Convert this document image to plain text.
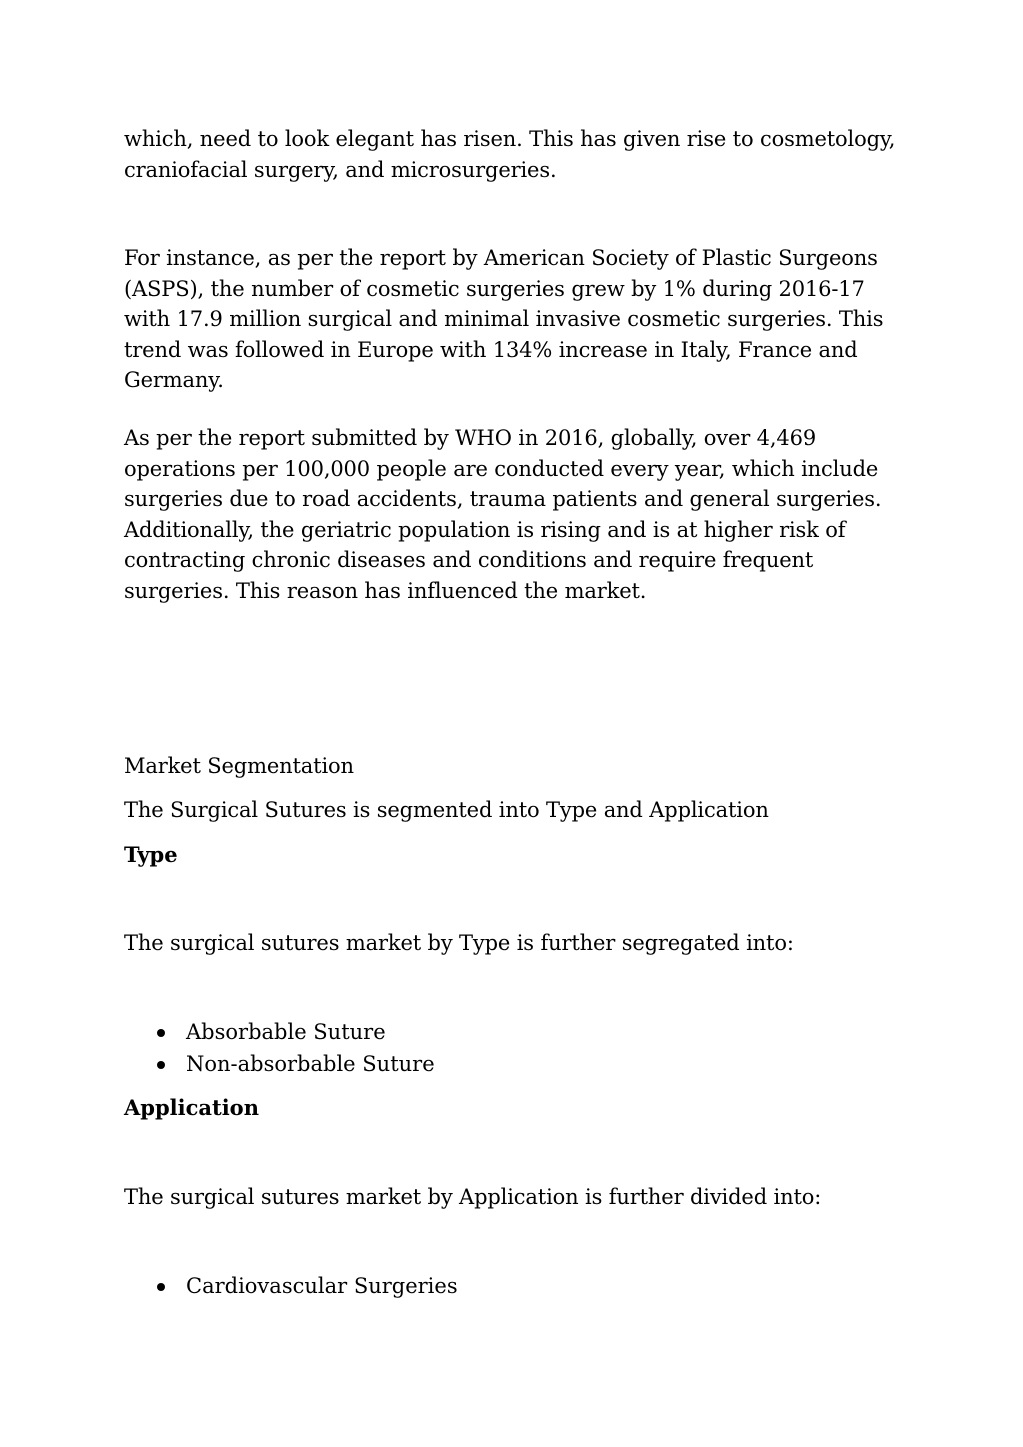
which, need to look elegant has risen. This has given rise to cosmetology, craniofacial surgery, and microsurgeries.

For instance, as per the report by American Society of Plastic Surgeons (ASPS), the number of cosmetic surgeries grew by 1% during 2016-17 with 17.9 million surgical and minimal invasive cosmetic surgeries. This trend was followed in Europe with 134% increase in Italy, France and Germany.

As per the report submitted by WHO in 2016, globally, over 4,469 operations per 100,000 people are conducted every year, which include surgeries due to road accidents, trauma patients and general surgeries. Additionally, the geriatric population is rising and is at higher risk of contracting chronic diseases and conditions and require frequent surgeries. This reason has influenced the market.

Market Segmentation

The Surgical Sutures is segmented into Type and Application

Type

The surgical sutures market by Type is further segregated into:

Absorbable Suture
Non-absorbable Suture

Application

The surgical sutures market by Application is further divided into:

Cardiovascular Surgeries
